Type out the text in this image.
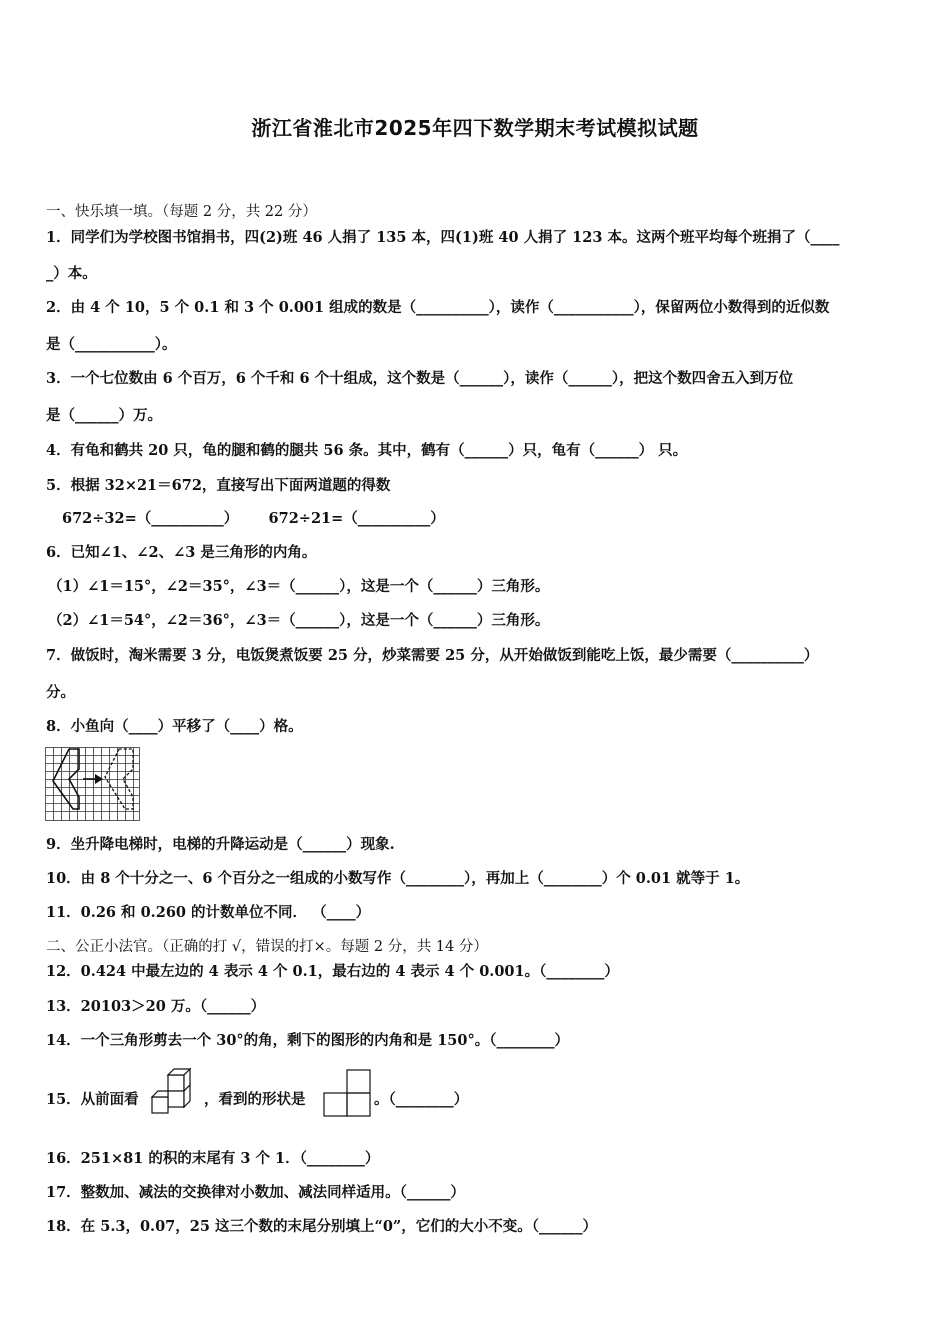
浙江省淮北市2025年四下数学期末考试模拟试题
一、快乐填一填。（每题 2 分，共 22 分）
1．同学们为学校图书馆捐书，四(2)班 46 人捐了 135 本，四(1)班 40 人捐了 123 本。这两个班平均每个班捐了（____
_）本。
2．由 4 个 10，5 个 0.1 和 3 个 0.001 组成的数是（__________），读作（___________），保留两位小数得到的近似数
是（___________）。
3．一个七位数由 6 个百万，6 个千和 6 个十组成，这个数是（______），读作（______），把这个数四舍五入到万位
是（______）万。
4．有龟和鹤共 20 只，龟的腿和鹤的腿共 56 条。其中，鹤有（______）只，龟有（______） 只。
5．根据 32×21＝672，直接写出下面两道题的得数
672÷32=（__________）      672÷21=（__________）
6．已知∠1、∠2、∠3 是三角形的内角。
（1）∠1＝15°，∠2＝35°，∠3＝（______），这是一个（______）三角形。
（2）∠1＝54°，∠2＝36°，∠3＝（______），这是一个（______）三角形。
7．做饭时，淘米需要 3 分，电饭煲煮饭要 25 分，炒菜需要 25 分，从开始做饭到能吃上饭，最少需要（__________）
分。
8．小鱼向（____）平移了（____）格。
9．坐升降电梯时，电梯的升降运动是（______）现象.
10．由 8 个十分之一、6 个百分之一组成的小数写作（________），再加上（________）个 0.01 就等于 1。
11．0.26 和 0.260 的计数单位不同． （____）
二、公正小法官。（正确的打 √，错误的打×。每题 2 分，共 14 分）
12．0.424 中最左边的 4 表示 4 个 0.1，最右边的 4 表示 4 个 0.001。（________）
13．20103＞20 万。（______）
14．一个三角形剪去一个 30°的角，剩下的图形的内角和是 150°。（________）
15．从前面看	，看到的形状是	。（________）
16．251×81 的积的末尾有 3 个 1．（________）
17．整数加、减法的交换律对小数加、减法同样适用。（______）
18．在 5.3，0.07，25 这三个数的末尾分别填上“0”，它们的大小不变。（______）
